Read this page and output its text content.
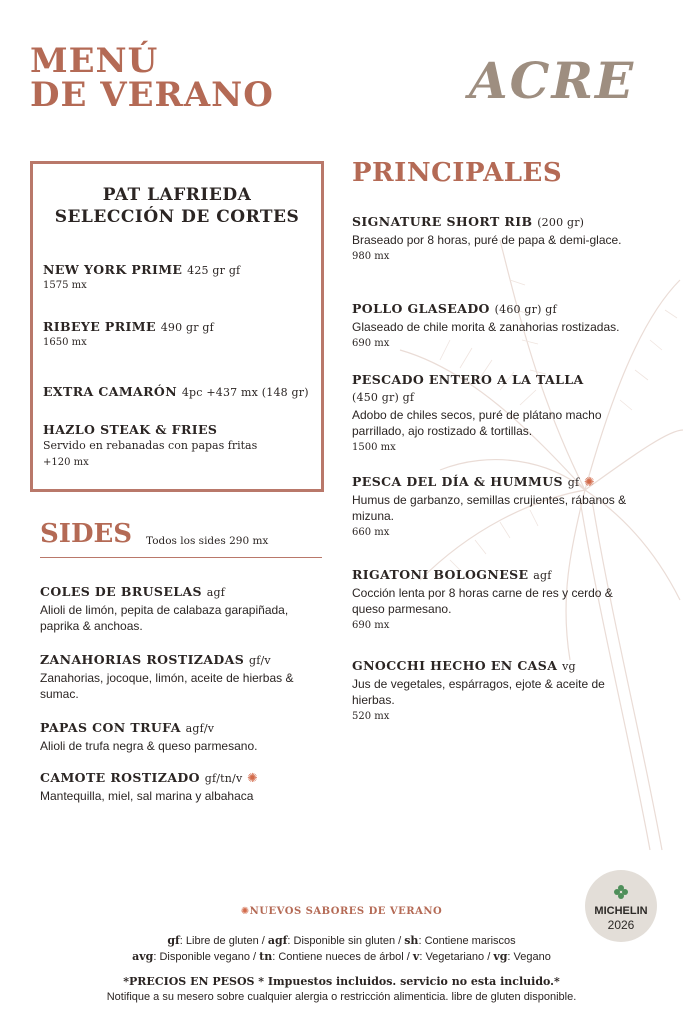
MENÚ
DE VERANO	ACRE
PAT LAFRIEDA
SELECCIÓN DE CORTES
NEW YORK PRIME 425 gr gf
1575 mx
RIBEYE PRIME 490 gr gf
1650 mx
EXTRA CAMARÓN 4pc +437 mx (148 gr)
HAZLO STEAK & FRIES
Servido en rebanadas con papas fritas
+120 mx
SIDES Todos los sides 290 mx
COLES DE BRUSELAS agf
Alioli de limón, pepita de calabaza garapiñada, paprika & anchoas.
ZANAHORIAS ROSTIZADAS gf/v
Zanahorias, jocoque, limón, aceite de hierbas & sumac.
PAPAS CON TRUFA agf/v
Alioli de trufa negra & queso parmesano.
CAMOTE ROSTIZADO gf/tn/v ✺
Mantequilla, miel, sal marina y albahaca
PRINCIPALES
SIGNATURE SHORT RIB (200 gr)
Braseado por 8 horas, puré de papa & demi-glace.
980 mx
POLLO GLASEADO (460 gr) gf
Glaseado de chile morita & zanahorias rostizadas.
690 mx
PESCADO ENTERO A LA TALLA
(450 gr) gf
Adobo de chiles secos, puré de plátano macho parrillado, ajo rostizado & tortillas.
1500 mx
PESCA DEL DÍA & HUMMUS gf ✺
Humus de garbanzo, semillas crujientes, rábanos & mizuna.
660 mx
RIGATONI BOLOGNESE agf
Cocción lenta por 8 horas carne de res y cerdo & queso parmesano.
690 mx
GNOCCHI HECHO EN CASA vg
Jus de vegetales, espárragos, ejote & aceite de hierbas.
520 mx
MICHELIN
2026
✺NUEVOS SABORES DE VERANO
gf: Libre de gluten / agf: Disponible sin gluten / sh: Contiene mariscos
avg: Disponible vegano / tn: Contiene nueces de árbol / v: Vegetariano / vg: Vegano
*PRECIOS EN PESOS * Impuestos incluidos. servicio no esta incluido.*
Notifique a su mesero sobre cualquier alergia o restricción alimenticia. libre de gluten disponible.
